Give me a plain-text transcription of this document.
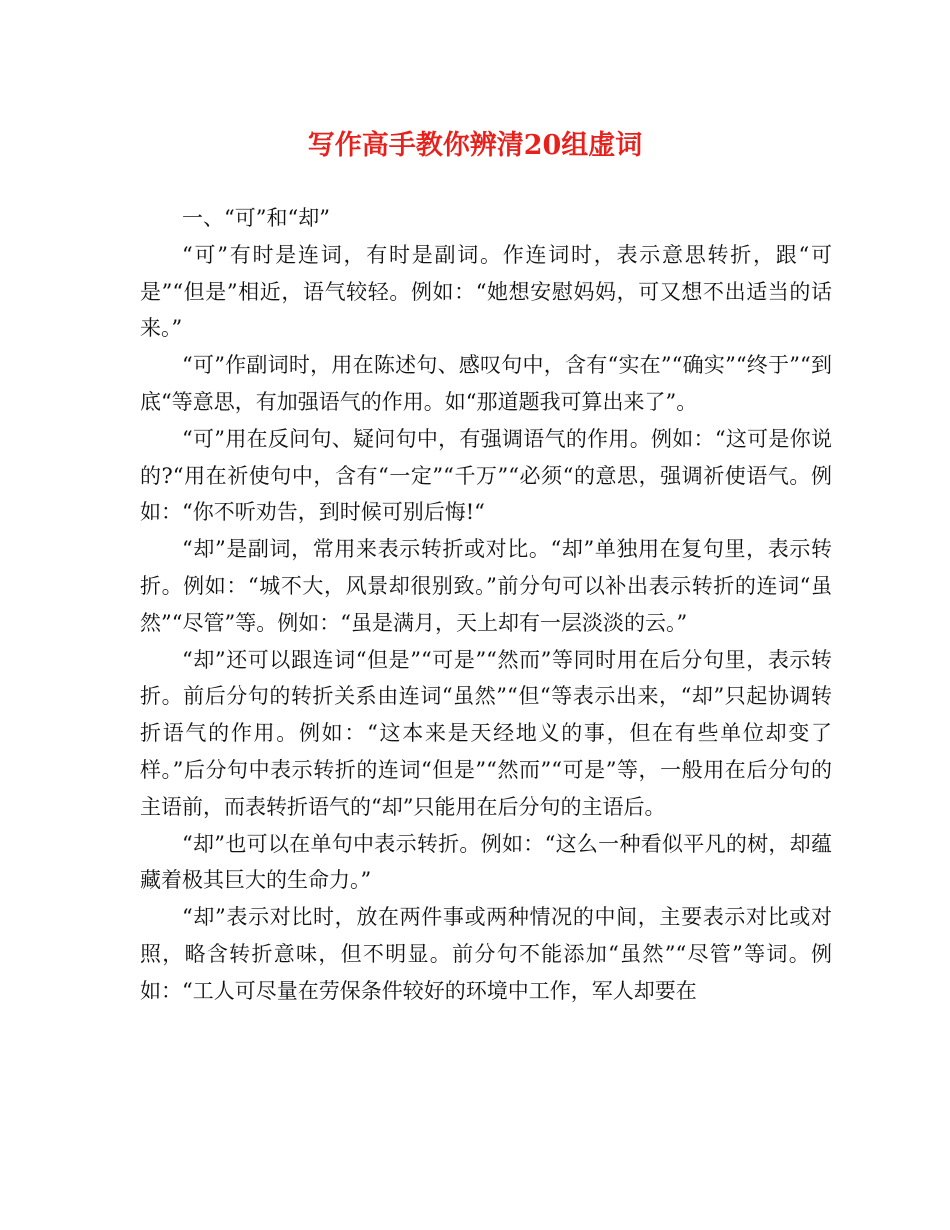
写作高手教你辨清20组虚词

一、“可”和“却”

“可”有时是连词，有时是副词。作连词时，表示意思转折，跟“可是”“但是”相近，语气较轻。例如：“她想安慰妈妈，可又想不出适当的话来。”

“可”作副词时，用在陈述句、感叹句中，含有“实在”“确实”“终于”“到底“等意思，有加强语气的作用。如“那道题我可算出来了”。

“可”用在反问句、疑问句中，有强调语气的作用。例如：“这可是你说的?“用在祈使句中，含有“一定”“千万”“必须“的意思，强调祈使语气。例如：“你不听劝告，到时候可别后悔!“

“却”是副词，常用来表示转折或对比。“却”单独用在复句里，表示转折。例如：“城不大，风景却很别致。”前分句可以补出表示转折的连词“虽然”“尽管”等。例如：“虽是满月，天上却有一层淡淡的云。”

“却”还可以跟连词“但是”“可是”“然而”等同时用在后分句里，表示转折。前后分句的转折关系由连词“虽然”“但“等表示出来，“却”只起协调转折语气的作用。例如：“这本来是天经地义的事，但在有些单位却变了样。”后分句中表示转折的连词“但是”“然而”“可是”等，一般用在后分句的主语前，而表转折语气的“却”只能用在后分句的主语后。

“却”也可以在单句中表示转折。例如：“这么一种看似平凡的树，却蕴藏着极其巨大的生命力。”

“却”表示对比时，放在两件事或两种情况的中间，主要表示对比或对照，略含转折意味，但不明显。前分句不能添加“虽然”“尽管”等词。例如：“工人可尽量在劳保条件较好的环境中工作，军人却要在
